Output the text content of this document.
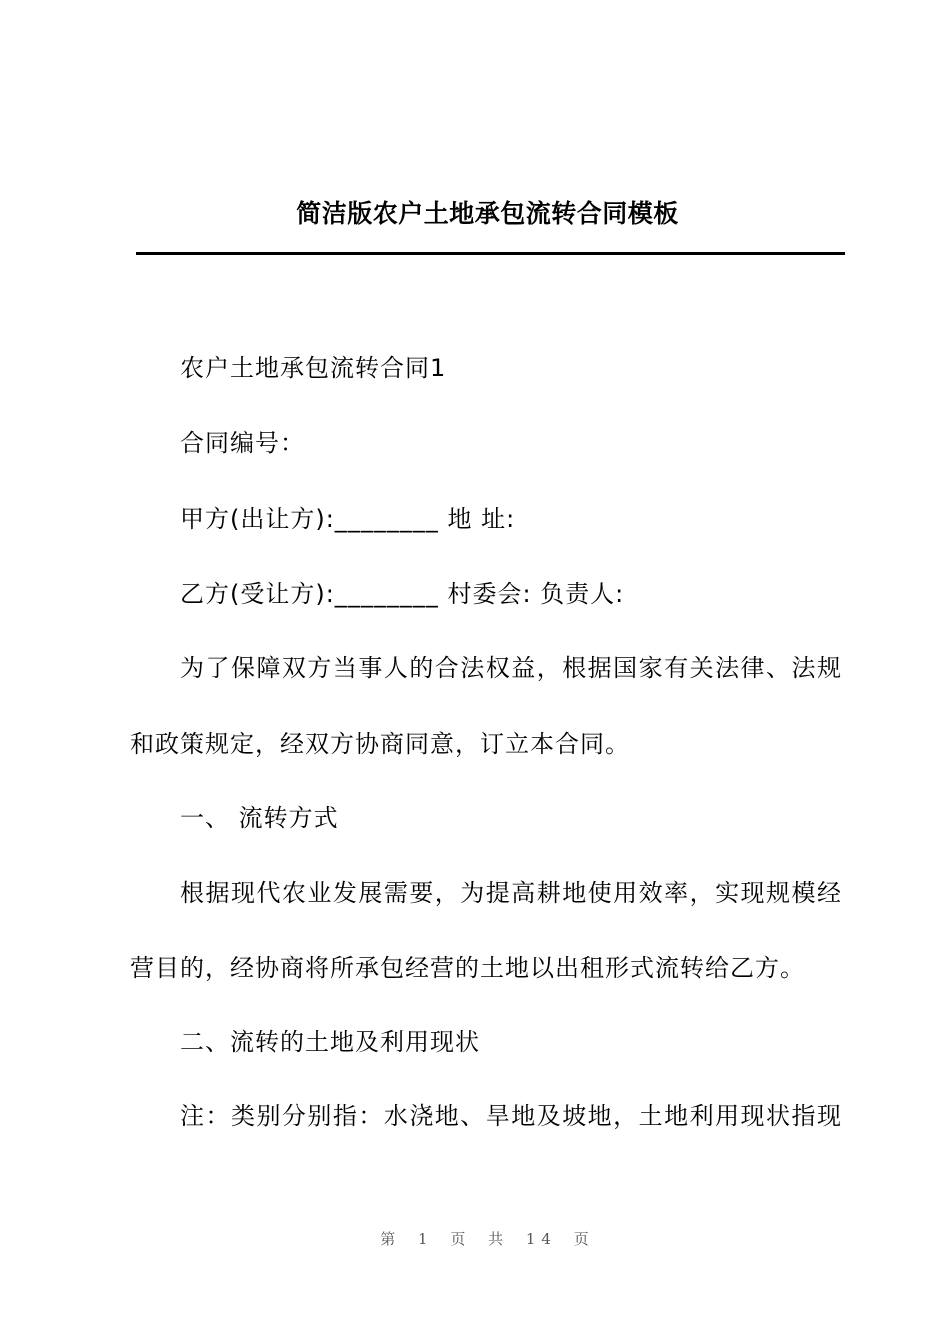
简洁版农户土地承包流转合同模板
农户土地承包流转合同1
合同编号：
甲方(出让方):________ 地 址:
乙方(受让方):________ 村委会: 负责人:
为了保障双方当事人的合法权益，根据国家有关法律、法规
和政策规定，经双方协商同意，订立本合同。
一、 流转方式
根据现代农业发展需要，为提高耕地使用效率，实现规模经
营目的，经协商将所承包经营的土地以出租形式流转给乙方。
二、流转的土地及利用现状
注：类别分别指：水浇地、旱地及坡地，土地利用现状指现
第 1 页 共 14 页
